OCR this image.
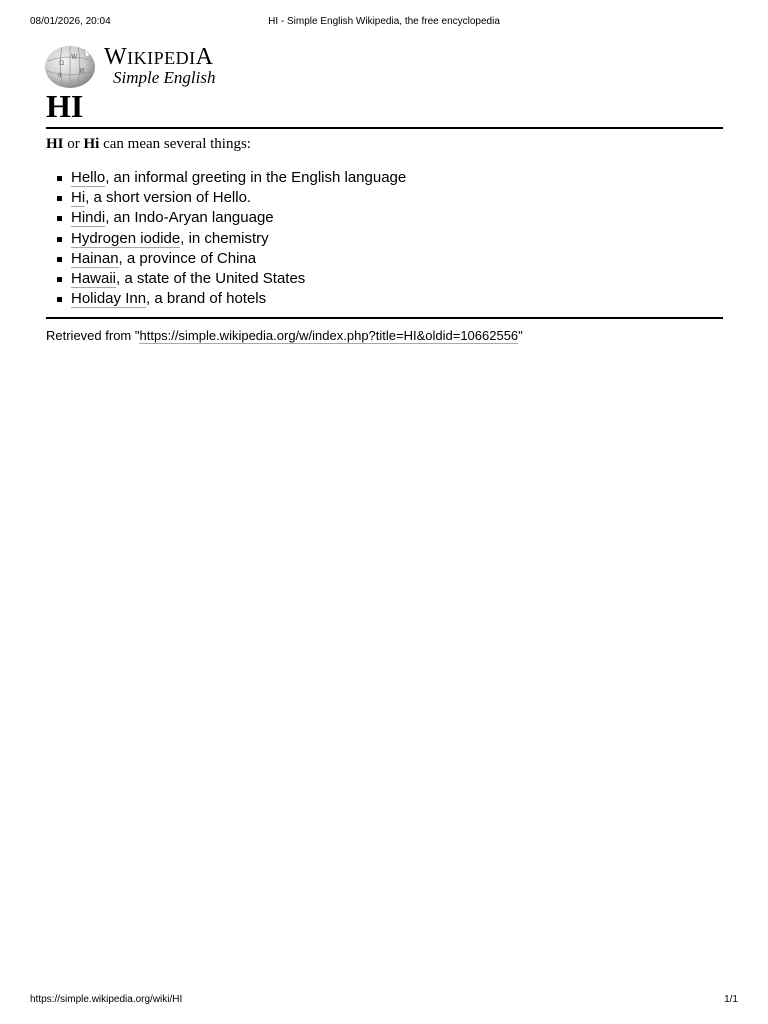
08/01/2026, 20:04	HI - Simple English Wikipedia, the free encyclopedia
Ω
W
И
ά
WIKIPEDIA
Simple English
HI

HI or Hi can mean several things:

Hello, an informal greeting in the English language
Hi, a short version of Hello.
Hindi, an Indo-Aryan language
Hydrogen iodide, in chemistry
Hainan, a province of China
Hawaii, a state of the United States
Holiday Inn, a brand of hotels

Retrieved from "https://simple.wikipedia.org/w/index.php?title=HI&oldid=10662556"

https://simple.wikipedia.org/wiki/HI	1/1
